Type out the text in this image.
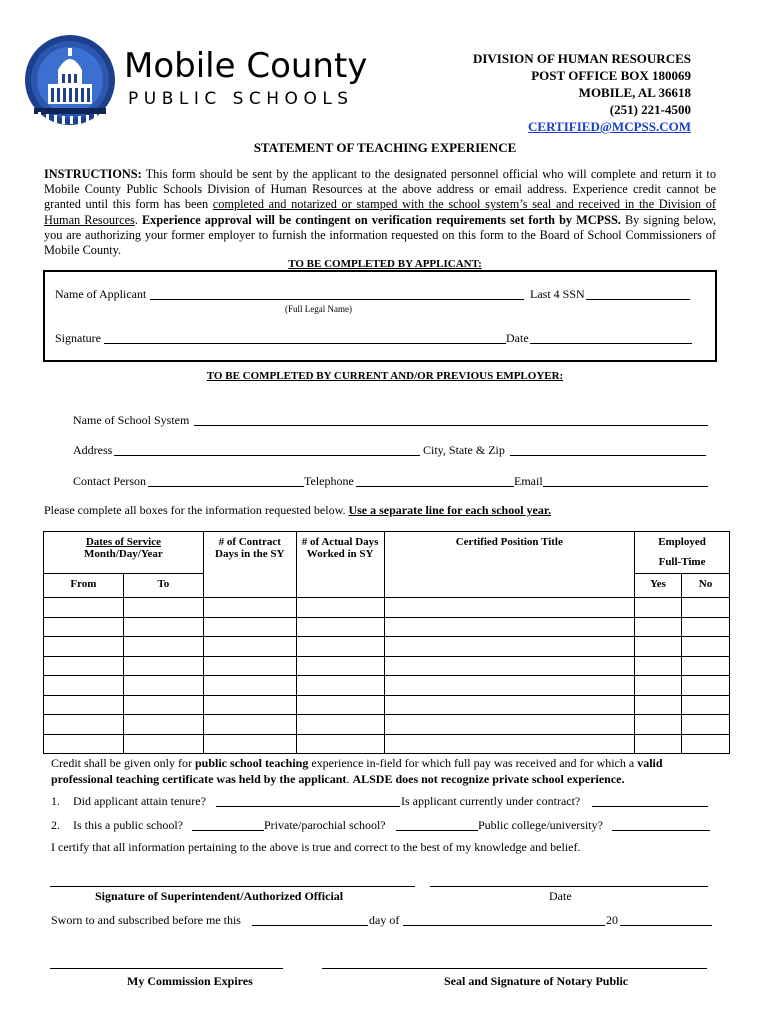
Mobile County
PUBLIC SCHOOLS
DIVISION OF HUMAN RESOURCES
POST OFFICE BOX 180069
MOBILE, AL 36618
(251) 221-4500
CERTIFIED@MCPSS.COM
STATEMENT OF TEACHING EXPERIENCE
INSTRUCTIONS: This form should be sent by the applicant to the designated personnel official who will complete and return it to Mobile County Public Schools Division of Human Resources at the above address or email address. Experience credit cannot be granted until this form has been completed and notarized or stamped with the school system’s seal and received in the Division of Human Resources. Experience approval will be contingent on verification requirements set forth by MCPSS. By signing below, you are authorizing your former employer to furnish the information requested on this form to the Board of School Commissioners of Mobile County.
TO BE COMPLETED BY APPLICANT:
Name of Applicant	Last 4 SSN
(Full Legal Name)
Signature	Date
TO BE COMPLETED BY CURRENT AND/OR PREVIOUS EMPLOYER:
Name of School System
Address	City, State & Zip
Contact Person	Telephone	Email
Please complete all boxes for the information requested below. Use a separate line for each school year.
Dates of Service
Month/Day/Year		# of Contract Days in the SY	# of Actual Days Worked in SY	Certified Position Title	Employed
Full-Time	
From	To				Yes	No

Credit shall be given only for public school teaching experience in-field for which full pay was received and for which a valid professional teaching certificate was held by the applicant. ALSDE does not recognize private school experience.
1. Did applicant attain tenure?	Is applicant currently under contract?
2. Is this a public school?	Private/parochial school?	Public college/university?
I certify that all information pertaining to the above is true and correct to the best of my knowledge and belief.
Signature of Superintendent/Authorized Official	Date
Sworn to and subscribed before me this	day of	20
My Commission Expires	Seal and Signature of Notary Public
